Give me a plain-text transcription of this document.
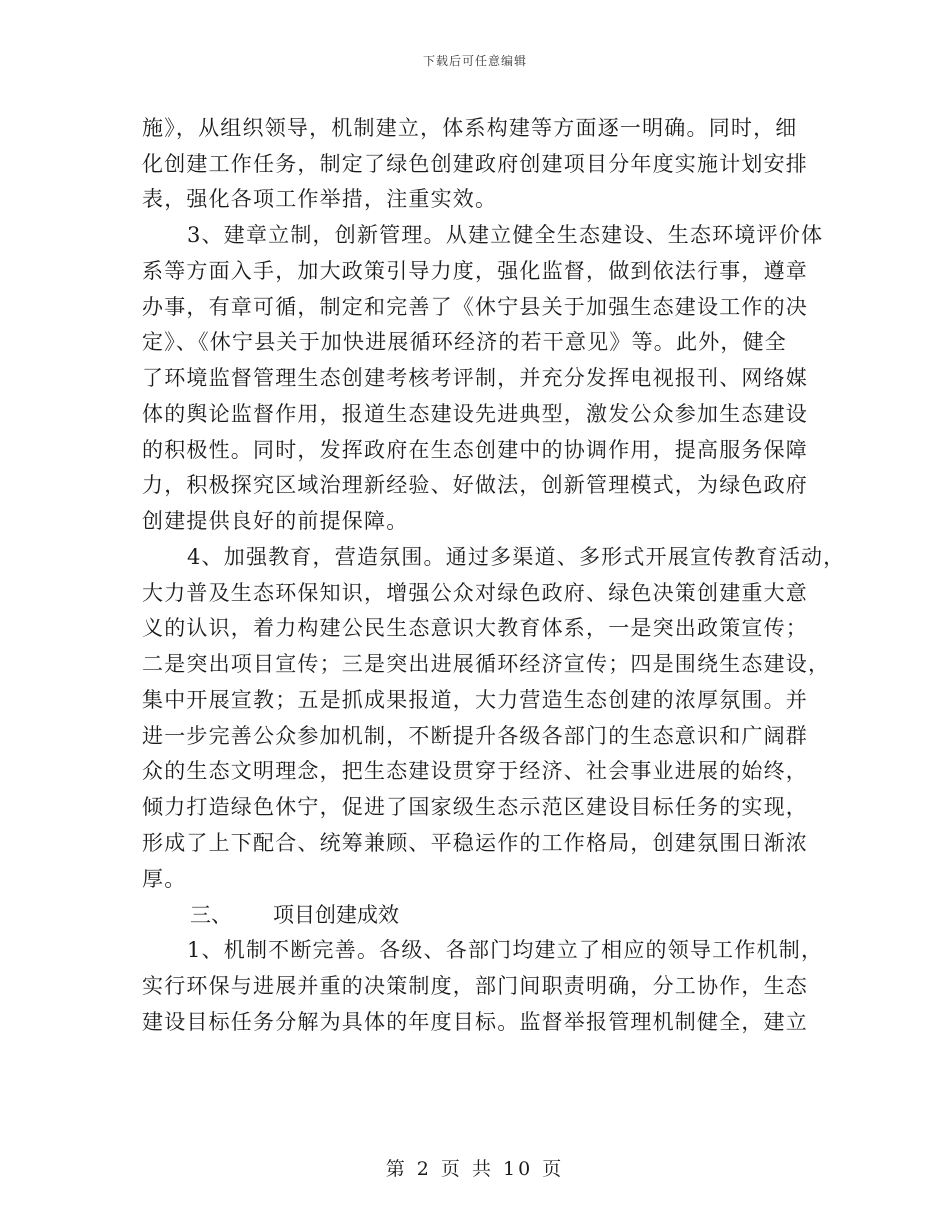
下载后可任意编辑
施》，从组织领导，机制建立，体系构建等方面逐一明确。同时，细
化创建工作任务，制定了绿色创建政府创建项目分年度实施计划安排
表，强化各项工作举措，注重实效。
3、建章立制，创新管理。从建立健全生态建设、生态环境评价体
系等方面入手，加大政策引导力度，强化监督，做到依法行事，遵章
办事，有章可循，制定和完善了《休宁县关于加强生态建设工作的决
定》、《休宁县关于加快进展循环经济的若干意见》等。此外，健全
了环境监督管理生态创建考核考评制，并充分发挥电视报刊、网络媒
体的舆论监督作用，报道生态建设先进典型，激发公众参加生态建设
的积极性。同时，发挥政府在生态创建中的协调作用，提高服务保障
力，积极探究区域治理新经验、好做法，创新管理模式，为绿色政府
创建提供良好的前提保障。
4、加强教育，营造氛围。通过多渠道、多形式开展宣传教育活动，
大力普及生态环保知识，增强公众对绿色政府、绿色决策创建重大意
义的认识，着力构建公民生态意识大教育体系，一是突出政策宣传；
二是突出项目宣传；三是突出进展循环经济宣传；四是围绕生态建设，
集中开展宣教；五是抓成果报道，大力营造生态创建的浓厚氛围。并
进一步完善公众参加机制，不断提升各级各部门的生态意识和广阔群
众的生态文明理念，把生态建设贯穿于经济、社会事业进展的始终，
倾力打造绿色休宁，促进了国家级生态示范区建设目标任务的实现，
形成了上下配合、统筹兼顾、平稳运作的工作格局，创建氛围日渐浓
厚。
三、 项目创建成效
1、机制不断完善。各级、各部门均建立了相应的领导工作机制，
实行环保与进展并重的决策制度，部门间职责明确，分工协作，生态
建设目标任务分解为具体的年度目标。监督举报管理机制健全，建立
第 2 页 共 10 页
